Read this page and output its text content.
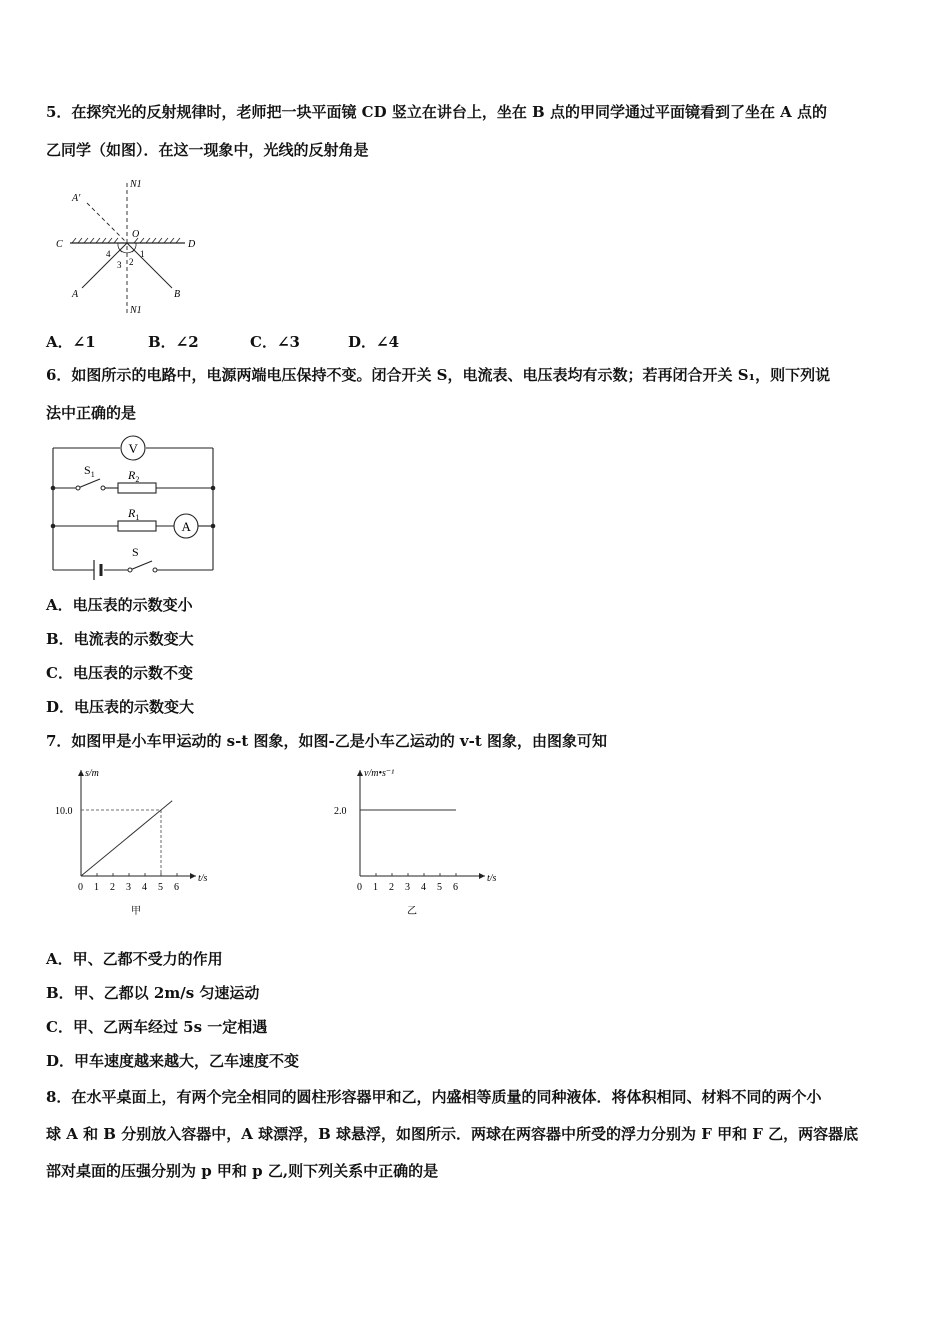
5．在探究光的反射规律时，老师把一块平面镜 CD 竖立在讲台上，坐在 B 点的甲同学通过平面镜看到了坐在 A 点的
乙同学（如图）．在这一现象中，光线的反射角是
A′
N1
C
O
D
A	B
N1
1
2
3
4
A．∠1	B．∠2	C．∠3	D．∠4
6．如图所示的电路中，电源两端电压保持不变。闭合开关 S，电流表、电压表均有示数；若再闭合开关 S₁，则下列说
法中正确的是
V
A
$S_1$	$R_2$
$R_1$
S
A．电压表的示数变小
B．电流表的示数变大
C．电压表的示数不变
D．电压表的示数变大
7．如图甲是小车甲运动的 s-t 图象，如图-乙是小车乙运动的 v-t 图象，由图象可知
0 1 2 3 4 5 6
10.0
t/s
s/m
甲
0 1 2 3 4 5 6
2.0
t/s
v/m•s⁻¹
乙
A．甲、乙都不受力的作用
B．甲、乙都以 2m/s 匀速运动
C．甲、乙两车经过 5s 一定相遇
D．甲车速度越来越大，乙车速度不变
8．在水平桌面上，有两个完全相同的圆柱形容器甲和乙，内盛相等质量的同种液体．将体积相同、材料不同的两个小
球 A 和 B 分别放入容器中，A 球漂浮，B 球悬浮，如图所示．两球在两容器中所受的浮力分别为 F 甲和 F 乙，两容器底
部对桌面的压强分别为 p 甲和 p 乙,则下列关系中正确的是
